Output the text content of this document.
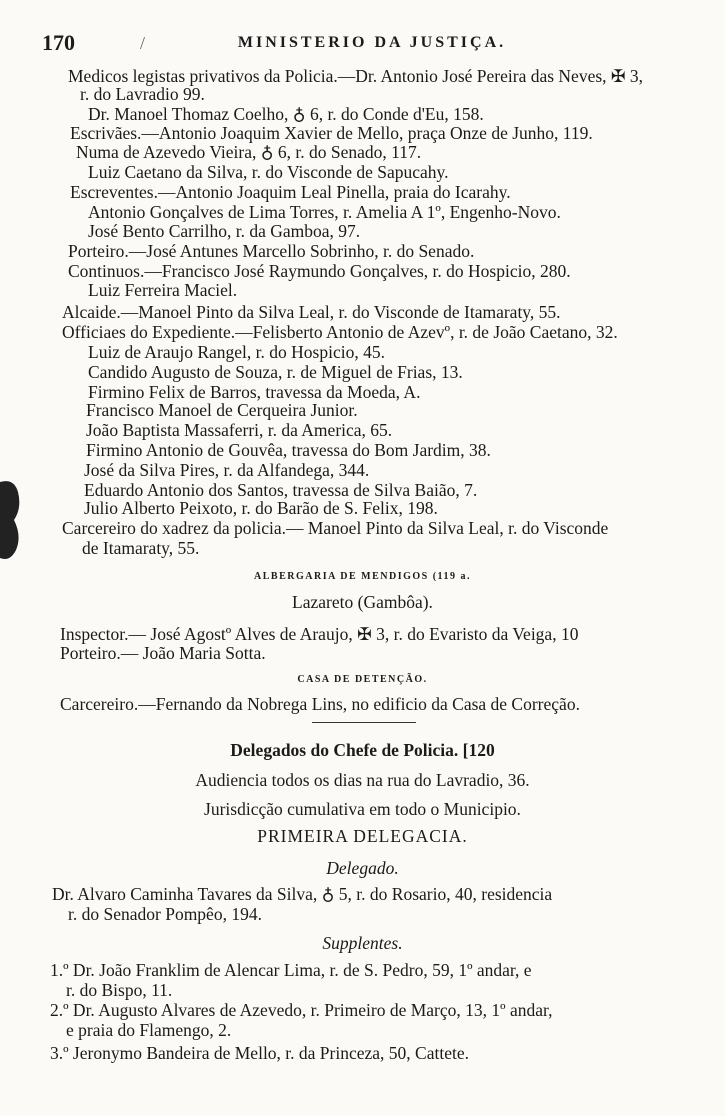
170	/	MINISTERIO DA JUSTIÇA.
Medicos legistas privativos da Policia.—Dr. Antonio José Pereira das Neves, ✠ 3,
r. do Lavradio 99.
Dr. Manoel Thomaz Coelho, ♁ 6, r. do Conde d'Eu, 158.
Escrivães.—Antonio Joaquim Xavier de Mello, praça Onze de Junho, 119.
Numa de Azevedo Vieira, ♁ 6, r. do Senado, 117.
Luiz Caetano da Silva, r. do Visconde de Sapucahy.
Escreventes.—Antonio Joaquim Leal Pinella, praia do Icarahy.
Antonio Gonçalves de Lima Torres, r. Amelia A 1º, Engenho-Novo.
José Bento Carrilho, r. da Gamboa, 97.
Porteiro.—José Antunes Marcello Sobrinho, r. do Senado.
Continuos.—Francisco José Raymundo Gonçalves, r. do Hospicio, 280.
Luiz Ferreira Maciel.
Alcaide.—Manoel Pinto da Silva Leal, r. do Visconde de Itamaraty, 55.
Officiaes do Expediente.—Felisberto Antonio de Azevº, r. de João Caetano, 32.
Luiz de Araujo Rangel, r. do Hospicio, 45.
Candido Augusto de Souza, r. de Miguel de Frias, 13.
Firmino Felix de Barros, travessa da Moeda, A.
Francisco Manoel de Cerqueira Junior.
João Baptista Massaferri, r. da America, 65.
Firmino Antonio de Gouvêa, travessa do Bom Jardim, 38.
José da Silva Pires, r. da Alfandega, 344.
Eduardo Antonio dos Santos, travessa de Silva Baião, 7.
Julio Alberto Peixoto, r. do Barão de S. Felix, 198.
Carcereiro do xadrez da policia.— Manoel Pinto da Silva Leal, r. do Visconde
de Itamaraty, 55.
ALBERGARIA DE MENDIGOS (119 a.
Lazareto (Gambôa).
Inspector.— José Agostº Alves de Araujo, ✠ 3, r. do Evaristo da Veiga, 10
Porteiro.— João Maria Sotta.
CASA DE DETENÇÃO.
Carcereiro.—Fernando da Nobrega Lins, no edificio da Casa de Correção.
Delegados do Chefe de Policia. [120
Audiencia todos os dias na rua do Lavradio, 36.
Jurisdicção cumulativa em todo o Municipio.
PRIMEIRA DELEGACIA.
Delegado.
Dr. Alvaro Caminha Tavares da Silva, ♁ 5, r. do Rosario, 40, residencia
r. do Senador Pompêo, 194.
Supplentes.
1.º Dr. João Franklim de Alencar Lima, r. de S. Pedro, 59, 1º andar, e
r. do Bispo, 11.
2.º Dr. Augusto Alvares de Azevedo, r. Primeiro de Março, 13, 1º andar,
e praia do Flamengo, 2.
3.º Jeronymo Bandeira de Mello, r. da Princeza, 50, Cattete.
